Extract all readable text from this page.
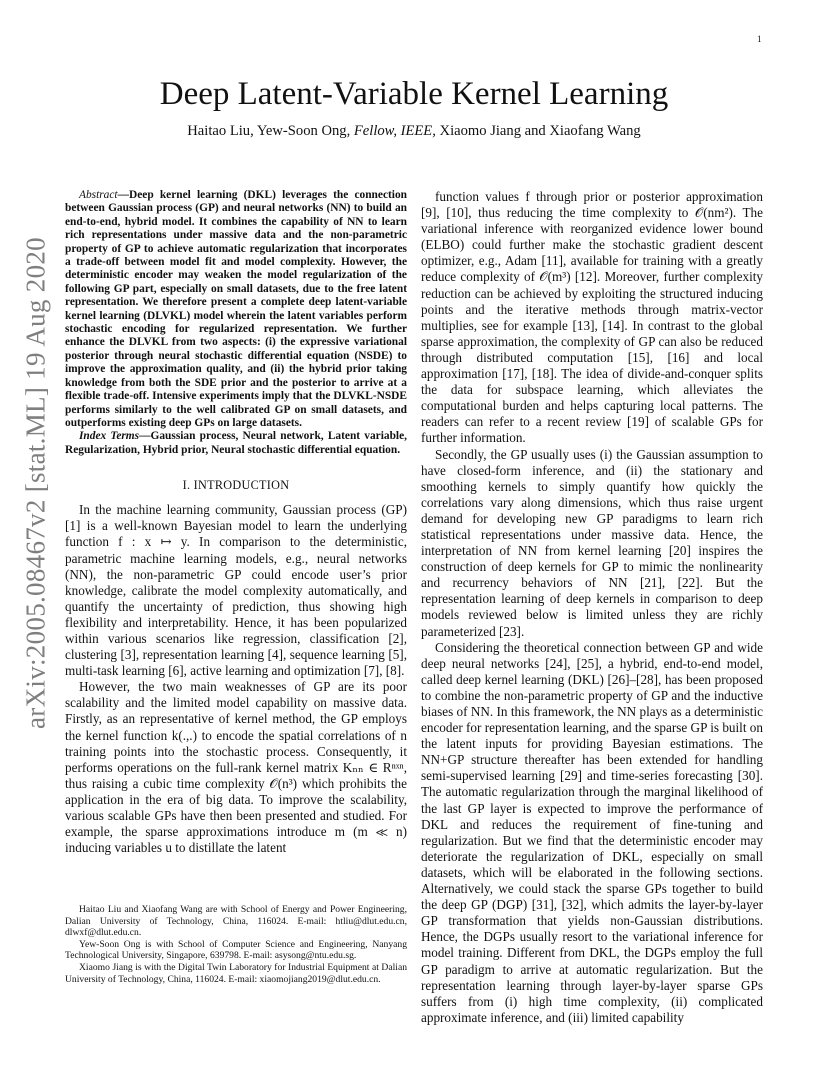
1
arXiv:2005.08467v2 [stat.ML] 19 Aug 2020
Deep Latent-Variable Kernel Learning
Haitao Liu, Yew-Soon Ong, Fellow, IEEE, Xiaomo Jiang and Xiaofang Wang

Abstract—Deep kernel learning (DKL) leverages the connection between Gaussian process (GP) and neural networks (NN) to build an end-to-end, hybrid model. It combines the capability of NN to learn rich representations under massive data and the non-parametric property of GP to achieve automatic regularization that incorporates a trade-off between model fit and model complexity. However, the deterministic encoder may weaken the model regularization of the following GP part, especially on small datasets, due to the free latent representation. We therefore present a complete deep latent-variable kernel learning (DLVKL) model wherein the latent variables perform stochastic encoding for regularized representation. We further enhance the DLVKL from two aspects: (i) the expressive variational posterior through neural stochastic differential equation (NSDE) to improve the approximation quality, and (ii) the hybrid prior taking knowledge from both the SDE prior and the posterior to arrive at a flexible trade-off. Intensive experiments imply that the DLVKL-NSDE performs similarly to the well calibrated GP on small datasets, and outperforms existing deep GPs on large datasets.

Index Terms—Gaussian process, Neural network, Latent variable, Regularization, Hybrid prior, Neural stochastic differential equation.

I. INTRODUCTION

In the machine learning community, Gaussian process (GP) [1] is a well-known Bayesian model to learn the underlying function f : x ↦ y. In comparison to the deterministic, parametric machine learning models, e.g., neural networks (NN), the non-parametric GP could encode user’s prior knowledge, calibrate the model complexity automatically, and quantify the uncertainty of prediction, thus showing high flexibility and interpretability. Hence, it has been popularized within various scenarios like regression, classification [2], clustering [3], representation learning [4], sequence learning [5], multi-task learning [6], active learning and optimization [7], [8].

However, the two main weaknesses of GP are its poor scalability and the limited model capability on massive data. Firstly, as an representative of kernel method, the GP employs the kernel function k(.,.) to encode the spatial correlations of n training points into the stochastic process. Consequently, it performs operations on the full-rank kernel matrix Kₙₙ ∈ Rⁿˣⁿ, thus raising a cubic time complexity 𝒪(n³) which prohibits the application in the era of big data. To improve the scalability, various scalable GPs have then been presented and studied. For example, the sparse approximations introduce m (m ≪ n) inducing variables u to distillate the latent

function values f through prior or posterior approximation [9], [10], thus reducing the time complexity to 𝒪(nm²). The variational inference with reorganized evidence lower bound (ELBO) could further make the stochastic gradient descent optimizer, e.g., Adam [11], available for training with a greatly reduce complexity of 𝒪(m³) [12]. Moreover, further complexity reduction can be achieved by exploiting the structured inducing points and the iterative methods through matrix-vector multiplies, see for example [13], [14]. In contrast to the global sparse approximation, the complexity of GP can also be reduced through distributed computation [15], [16] and local approximation [17], [18]. The idea of divide-and-conquer splits the data for subspace learning, which alleviates the computational burden and helps capturing local patterns. The readers can refer to a recent review [19] of scalable GPs for further information.

Secondly, the GP usually uses (i) the Gaussian assumption to have closed-form inference, and (ii) the stationary and smoothing kernels to simply quantify how quickly the correlations vary along dimensions, which thus raise urgent demand for developing new GP paradigms to learn rich statistical representations under massive data. Hence, the interpretation of NN from kernel learning [20] inspires the construction of deep kernels for GP to mimic the nonlinearity and recurrency behaviors of NN [21], [22]. But the representation learning of deep kernels in comparison to deep models reviewed below is limited unless they are richly parameterized [23].

Considering the theoretical connection between GP and wide deep neural networks [24], [25], a hybrid, end-to-end model, called deep kernel learning (DKL) [26]–[28], has been proposed to combine the non-parametric property of GP and the inductive biases of NN. In this framework, the NN plays as a deterministic encoder for representation learning, and the sparse GP is built on the latent inputs for providing Bayesian estimations. The NN+GP structure thereafter has been extended for handling semi-supervised learning [29] and time-series forecasting [30]. The automatic regularization through the marginal likelihood of the last GP layer is expected to improve the performance of DKL and reduces the requirement of fine-tuning and regularization. But we find that the deterministic encoder may deteriorate the regularization of DKL, especially on small datasets, which will be elaborated in the following sections. Alternatively, we could stack the sparse GPs together to build the deep GP (DGP) [31], [32], which admits the layer-by-layer GP transformation that yields non-Gaussian distributions. Hence, the DGPs usually resort to the variational inference for model training. Different from DKL, the DGPs employ the full GP paradigm to arrive at automatic regularization. But the representation learning through layer-by-layer sparse GPs suffers from (i) high time complexity, (ii) complicated approximate inference, and (iii) limited capability

Haitao Liu and Xiaofang Wang are with School of Energy and Power Engineering, Dalian University of Technology, China, 116024. E-mail: htliu@dlut.edu.cn, dlwxf@dlut.edu.cn.

Yew-Soon Ong is with School of Computer Science and Engineering, Nanyang Technological University, Singapore, 639798. E-mail: asysong@ntu.edu.sg.

Xiaomo Jiang is with the Digital Twin Laboratory for Industrial Equipment at Dalian University of Technology, China, 116024. E-mail: xiaomojiang2019@dlut.edu.cn.
